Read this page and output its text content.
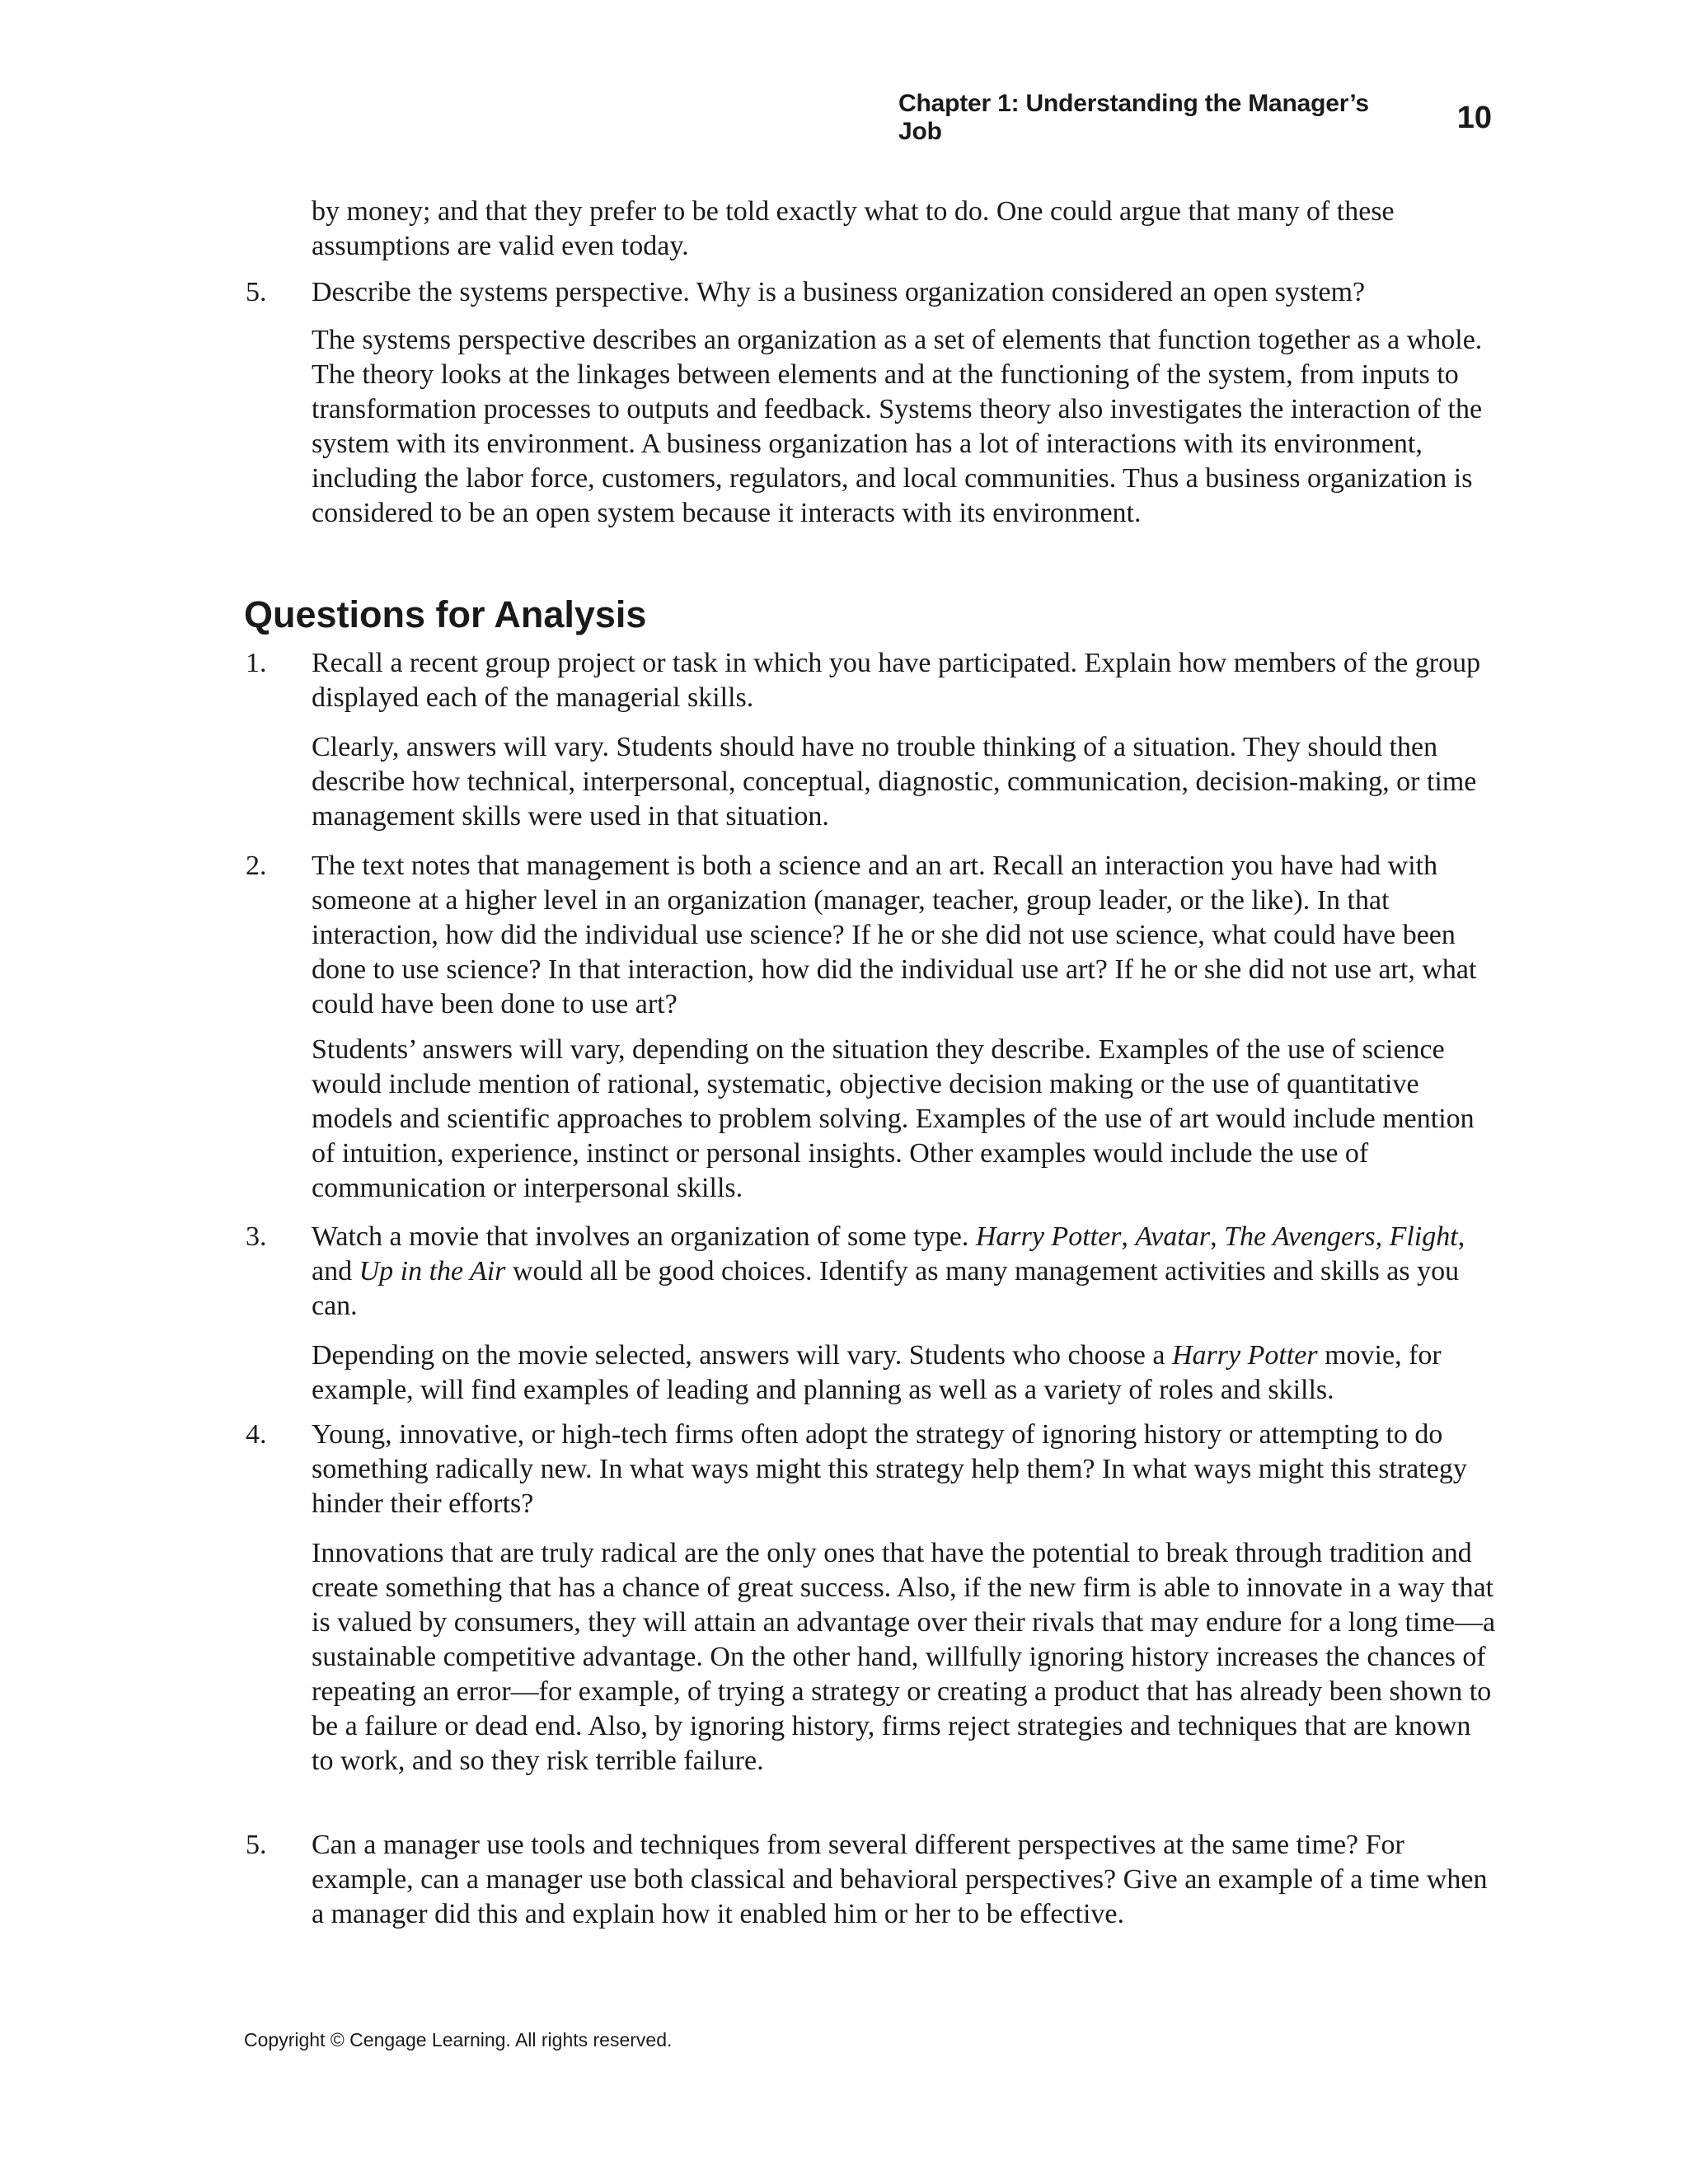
Chapter 1: Understanding the Manager’s Job	10

by money; and that they prefer to be told exactly what to do. One could argue that many of these assumptions are valid even today.

5.	Describe the systems perspective. Why is a business organization considered an open system?

The systems perspective describes an organization as a set of elements that function together as a whole. The theory looks at the linkages between elements and at the functioning of the system, from inputs to transformation processes to outputs and feedback. Systems theory also investigates the interaction of the system with its environment. A business organization has a lot of interactions with its environment, including the labor force, customers, regulators, and local communities. Thus a business organization is considered to be an open system because it interacts with its environment.

Questions for Analysis
1.	Recall a recent group project or task in which you have participated. Explain how members of the group displayed each of the managerial skills.

Clearly, answers will vary. Students should have no trouble thinking of a situation. They should then describe how technical, interpersonal, conceptual, diagnostic, communication, decision-making, or time management skills were used in that situation.

2.	The text notes that management is both a science and an art. Recall an interaction you have had with someone at a higher level in an organization (manager, teacher, group leader, or the like). In that interaction, how did the individual use science? If he or she did not use science, what could have been done to use science? In that interaction, how did the individual use art? If he or she did not use art, what could have been done to use art?

Students’ answers will vary, depending on the situation they describe. Examples of the use of science would include mention of rational, systematic, objective decision making or the use of quantitative models and scientific approaches to problem solving. Examples of the use of art would include mention of intuition, experience, instinct or personal insights. Other examples would include the use of communication or interpersonal skills.

3.	Watch a movie that involves an organization of some type. Harry Potter, Avatar, The Avengers, Flight, and Up in the Air would all be good choices. Identify as many management activities and skills as you can.

Depending on the movie selected, answers will vary. Students who choose a Harry Potter movie, for example, will find examples of leading and planning as well as a variety of roles and skills.

4.	Young, innovative, or high-tech firms often adopt the strategy of ignoring history or attempting to do something radically new. In what ways might this strategy help them? In what ways might this strategy hinder their efforts?

Innovations that are truly radical are the only ones that have the potential to break through tradition and create something that has a chance of great success. Also, if the new firm is able to innovate in a way that is valued by consumers, they will attain an advantage over their rivals that may endure for a long time—a sustainable competitive advantage. On the other hand, willfully ignoring history increases the chances of repeating an error—for example, of trying a strategy or creating a product that has already been shown to be a failure or dead end. Also, by ignoring history, firms reject strategies and techniques that are known to work, and so they risk terrible failure.

5.	Can a manager use tools and techniques from several different perspectives at the same time? For example, can a manager use both classical and behavioral perspectives? Give an example of a time when a manager did this and explain how it enabled him or her to be effective.
Copyright © Cengage Learning. All rights reserved.
